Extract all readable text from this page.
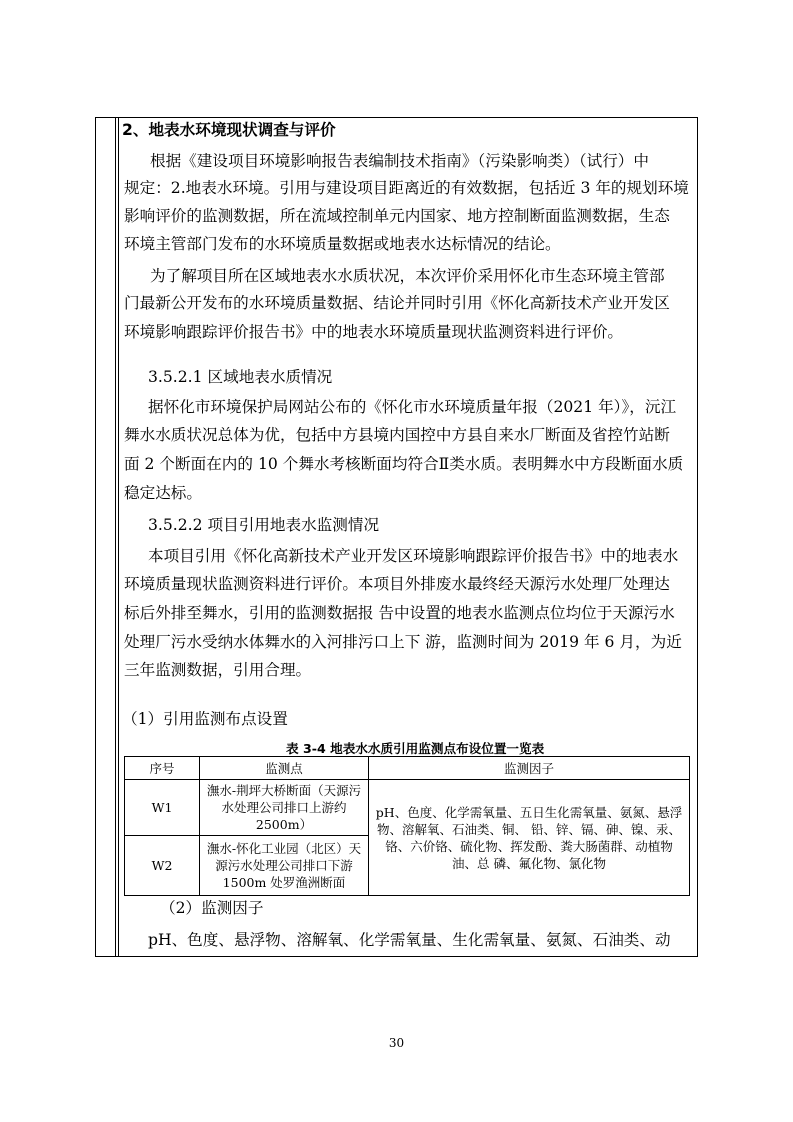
2、地表水环境现状调查与评价
根据《建设项目环境影响报告表编制技术指南》（污染影响类）（试行）中
规定：2.地表水环境。引用与建设项目距离近的有效数据，包括近 3 年的规划环境
影响评价的监测数据，所在流域控制单元内国家、地方控制断面监测数据，生态
环境主管部门发布的水环境质量数据或地表水达标情况的结论。
为了解项目所在区域地表水水质状况，本次评价采用怀化市生态环境主管部
门最新公开发布的水环境质量数据、结论并同时引用《怀化高新技术产业开发区
环境影响跟踪评价报告书》中的地表水环境质量现状监测资料进行评价。
3.5.2.1 区域地表水质情况
据怀化市环境保护局网站公布的《怀化市水环境质量年报（2021 年）》，沅江
舞水水质状况总体为优，包括中方县境内国控中方县自来水厂断面及省控竹站断
面 2 个断面在内的 10 个舞水考核断面均符合Ⅱ类水质。表明舞水中方段断面水质
稳定达标。
3.5.2.2 项目引用地表水监测情况
本项目引用《怀化高新技术产业开发区环境影响跟踪评价报告书》中的地表水
环境质量现状监测资料进行评价。本项目外排废水最终经天源污水处理厂处理达
标后外排至舞水，引用的监测数据报 告中设置的地表水监测点位均位于天源污水
处理厂污水受纳水体舞水的入河排污口上下 游，监测时间为 2019 年 6 月，为近
三年监测数据，引用合理。
（1）引用监测布点设置
表 3-4 地表水水质引用监测点布设位置一览表
序号	监测点	监测因子
W1	潕水-荆坪大桥断面（天源污水处理公司排口上游约 2500m）	pH、色度、化学需氧量、五日生化需氧量、氨氮、悬浮物、溶解氧、石油类、铜、 铅、锌、镉、砷、镍、汞、铬、六价铬、硫化物、挥发酚、粪大肠菌群、动植物油、总 磷、氟化物、氯化物
W2	潕水-怀化工业园（北区）天源污水处理公司排口下游 1500m 处罗渔洲断面	
（2）监测因子
pH、色度、悬浮物、溶解氧、化学需氧量、生化需氧量、氨氮、石油类、动
30
